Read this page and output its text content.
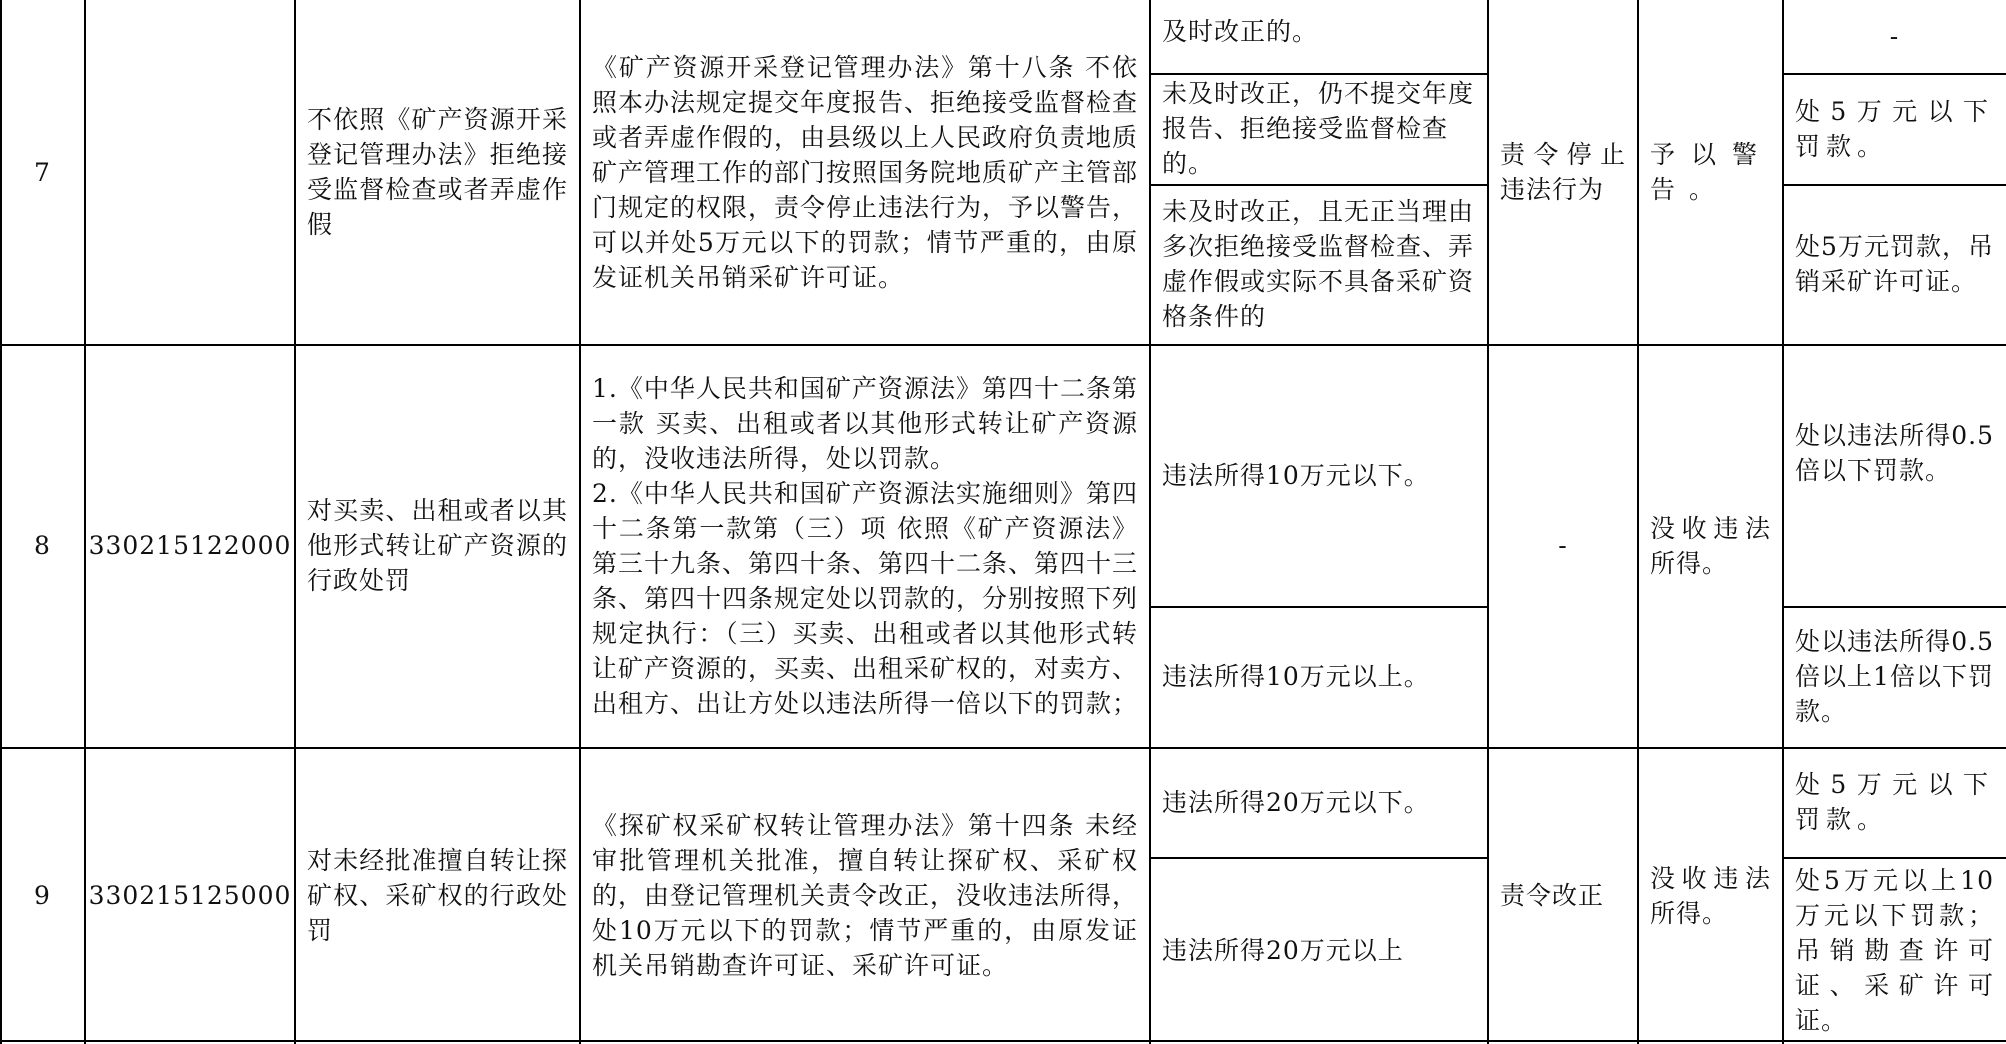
7
不依照《矿产资源开采登记管理办法》拒绝接受监督检查或者弄虚作假
《矿产资源开采登记管理办法》第十八条 不依照本办法规定提交年度报告、拒绝接受监督检查或者弄虚作假的，由县级以上人民政府负责地质矿产管理工作的部门按照国务院地质矿产主管部门规定的权限，责令停止违法行为，予以警告，可以并处5万元以下的罚款；情节严重的，由原发证机关吊销采矿许可证。
及时改正的。
未及时改正，仍不提交年度报告、拒绝接受监督检查的。
未及时改正，且无正当理由多次拒绝接受监督检查、弄虚作假或实际不具备采矿资格条件的
责令停止违法行为
予以警告。
-
处5万元以下罚款。
处5万元罚款，吊销采矿许可证。
8	330215122000
对买卖、出租或者以其他形式转让矿产资源的行政处罚
1.《中华人民共和国矿产资源法》第四十二条第一款 买卖、出租或者以其他形式转让矿产资源的，没收违法所得，处以罚款。
2.《中华人民共和国矿产资源法实施细则》第四十二条第一款第（三）项 依照《矿产资源法》第三十九条、第四十条、第四十二条、第四十三条、第四十四条规定处以罚款的，分别按照下列规定执行：（三）买卖、出租或者以其他形式转让矿产资源的，买卖、出租采矿权的，对卖方、出租方、出让方处以违法所得一倍以下的罚款；
违法所得10万元以下。
违法所得10万元以上。
-
没收违法所得。
处以违法所得0.5倍以下罚款。
处以违法所得0.5倍以上1倍以下罚款。
9	330215125000
对未经批准擅自转让探矿权、采矿权的行政处罚
《探矿权采矿权转让管理办法》第十四条 未经审批管理机关批准，擅自转让探矿权、采矿权的，由登记管理机关责令改正，没收违法所得，处10万元以下的罚款；情节严重的，由原发证机关吊销勘查许可证、采矿许可证。
违法所得20万元以下。
违法所得20万元以上
责令改正
没收违法所得。
处5万元以下罚款。
处5万元以上10万元以下罚款；吊销勘查许可证、采矿许可证。
